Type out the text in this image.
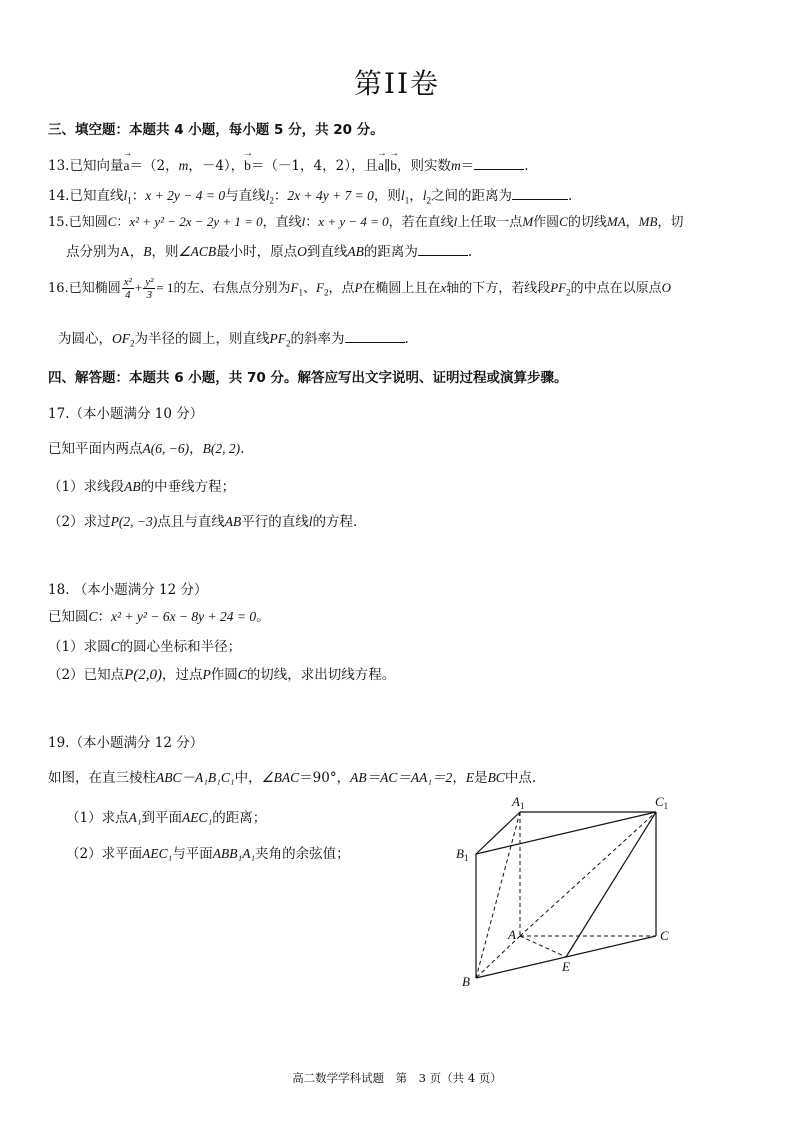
第II卷
三、填空题：本题共 4 小题，每小题 5 分，共 20 分。
13.已知向量→ a＝（2，m，－4），→ b＝（－1，4，2），且→ a∥→ b，则实数m＝	.
14.已知直线$l_1$：x + 2y − 4 = 0与直线$l_2$：2x + 4y + 7 = 0，则$l_1$，$l_2$之间的距离为	.
15.已知圆C：x² + y² − 2x − 2y + 1 = 0，直线l：x + y − 4 = 0，若在直线l上任取一点M作圆C的切线MA，MB，切
点分别为A，B，则∠ACB最小时，原点O到直线AB的距离为	.
16.已知椭圆 $\frac{\text{x²}}{4} + \frac{\text{y²}}{3} = 1$的左、右焦点分别为$F_1$、$F_2$，点P在椭圆上且在x轴的下方，若线段$PF_2$的中点在以原点O
为圆心，$OF_2$为半径的圆上，则直线$PF_2$的斜率为	.
四、解答题：本题共 6 小题，共 70 分。解答应写出文字说明、证明过程或演算步骤。
17.（本小题满分 10 分）
已知平面内两点A(6, −6)，B(2, 2).
（1）求线段AB的中垂线方程；
（2）求过P(2, −3)点且与直线AB平行的直线l的方程.
18. （本小题满分 12 分）
已知圆C：x² + y² − 6x − 8y + 24 = 0。
（1）求圆C的圆心坐标和半径；
（2）已知点P(2,0)，过点P作圆C的切线，求出切线方程。
19.（本小题满分 12 分）
如图，在直三棱柱ABC－A₁B₁C₁中，∠BAC＝90°，AB＝AC＝AA₁＝2，E是BC中点.
（1）求点A₁到平面AEC₁的距离；
（2）求平面AEC₁与平面ABB₁A₁夹角的余弦值；
$A_1$	$C_1$
$B_1$
A	C
B
E
高二数学学科试题　第　3 页（共 4 页）
